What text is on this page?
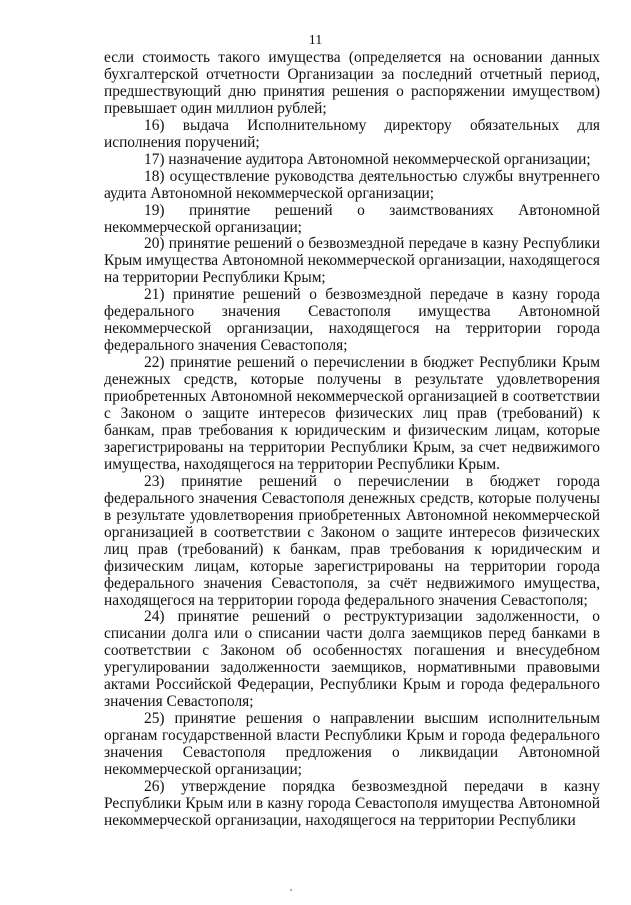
11

если стоимость такого имущества (определяется на основании данных бухгалтерской отчетности Организации за последний отчетный период, предшествующий дню принятия решения о распоряжении имуществом) превышает один миллион рублей;

16) выдача Исполнительному директору обязательных для исполнения поручений;

17) назначение аудитора Автономной некоммерческой организации;

18) осуществление руководства деятельностью службы внутреннего аудита Автономной некоммерческой организации;

19) принятие решений о заимствованиях Автономной некоммерческой организации;

20) принятие решений о безвозмездной передаче в казну Республики Крым имущества Автономной некоммерческой организации, находящегося на территории Республики Крым;

21) принятие решений о безвозмездной передаче в казну города федерального значения Севастополя имущества Автономной некоммерческой организации, находящегося на территории города федерального значения Севастополя;

22) принятие решений о перечислении в бюджет Республики Крым денежных средств, которые получены в результате удовлетворения приобретенных Автономной некоммерческой организацией в соответствии с Законом о защите интересов физических лиц прав (требований) к банкам, прав требования к юридическим и физическим лицам, которые зарегистрированы на территории Республики Крым, за счет недвижимого имущества, находящегося на территории Республики Крым.

23) принятие решений о перечислении в бюджет города федерального значения Севастополя денежных средств, которые получены в результате удовлетворения приобретенных Автономной некоммерческой организацией в соответствии с Законом о защите интересов физических лиц прав (требований) к банкам, прав требования к юридическим и физическим лицам, которые зарегистрированы на территории города федерального значения Севастополя, за счёт недвижимого имущества, находящегося на территории города федерального значения Севастополя;

24) принятие решений о реструктуризации задолженности, о списании долга или о списании части долга заемщиков перед банками в соответствии с Законом об особенностях погашения и внесудебном урегулировании задолженности заемщиков, нормативными правовыми актами Российской Федерации, Республики Крым и города федерального значения Севастополя;

25) принятие решения о направлении высшим исполнительным органам государственной власти Республики Крым и города федерального значения Севастополя предложения о ликвидации Автономной некоммерческой организации;

26) утверждение порядка безвозмездной передачи в казну Республики Крым или в казну города Севастополя имущества Автономной некоммерческой организации, находящегося на территории Республики
